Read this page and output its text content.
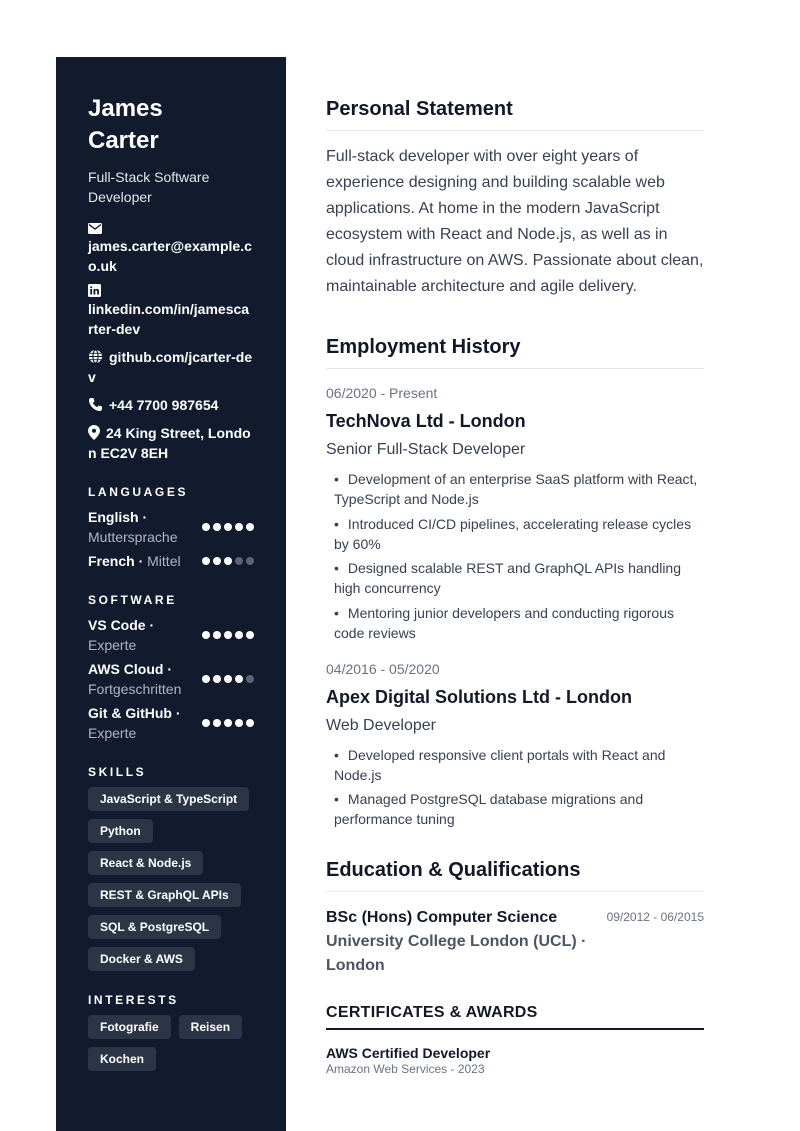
James Carter
Full-Stack Software Developer
james.carter@example.co.uk
linkedin.com/in/jamescarter-dev
github.com/jcarter-dev
+44 7700 987654
24 King Street, London EC2V 8EH
LANGUAGES
English ·
Muttersprache
French · Mittel
SOFTWARE
VS Code ·
Experte
AWS Cloud ·
Fortgeschritten
Git & GitHub ·
Experte
SKILLS
JavaScript & TypeScript
Python
React & Node.js
REST & GraphQL APIs
SQL & PostgreSQL
Docker & AWS
INTERESTS
Fotografie	Reisen
Kochen
Personal Statement

Full-stack developer with over eight years of experience designing and building scalable web applications. At home in the modern JavaScript ecosystem with React and Node.js, as well as in cloud infrastructure on AWS. Passionate about clean, maintainable architecture and agile delivery.

Employment History
06/2020 - Present
TechNova Ltd - London
Senior Full-Stack Developer
• Development of an enterprise SaaS platform with React, TypeScript and Node.js
• Introduced CI/CD pipelines, accelerating release cycles by 60%
• Designed scalable REST and GraphQL APIs handling high concurrency
• Mentoring junior developers and conducting rigorous code reviews
04/2016 - 05/2020
Apex Digital Solutions Ltd - London
Web Developer
• Developed responsive client portals with React and Node.js
• Managed PostgreSQL database migrations and performance tuning
Education & Qualifications
BSc (Hons) Computer Science
University College London (UCL) · London
09/2012 - 06/2015
CERTIFICATES & AWARDS
AWS Certified Developer
Amazon Web Services - 2023
